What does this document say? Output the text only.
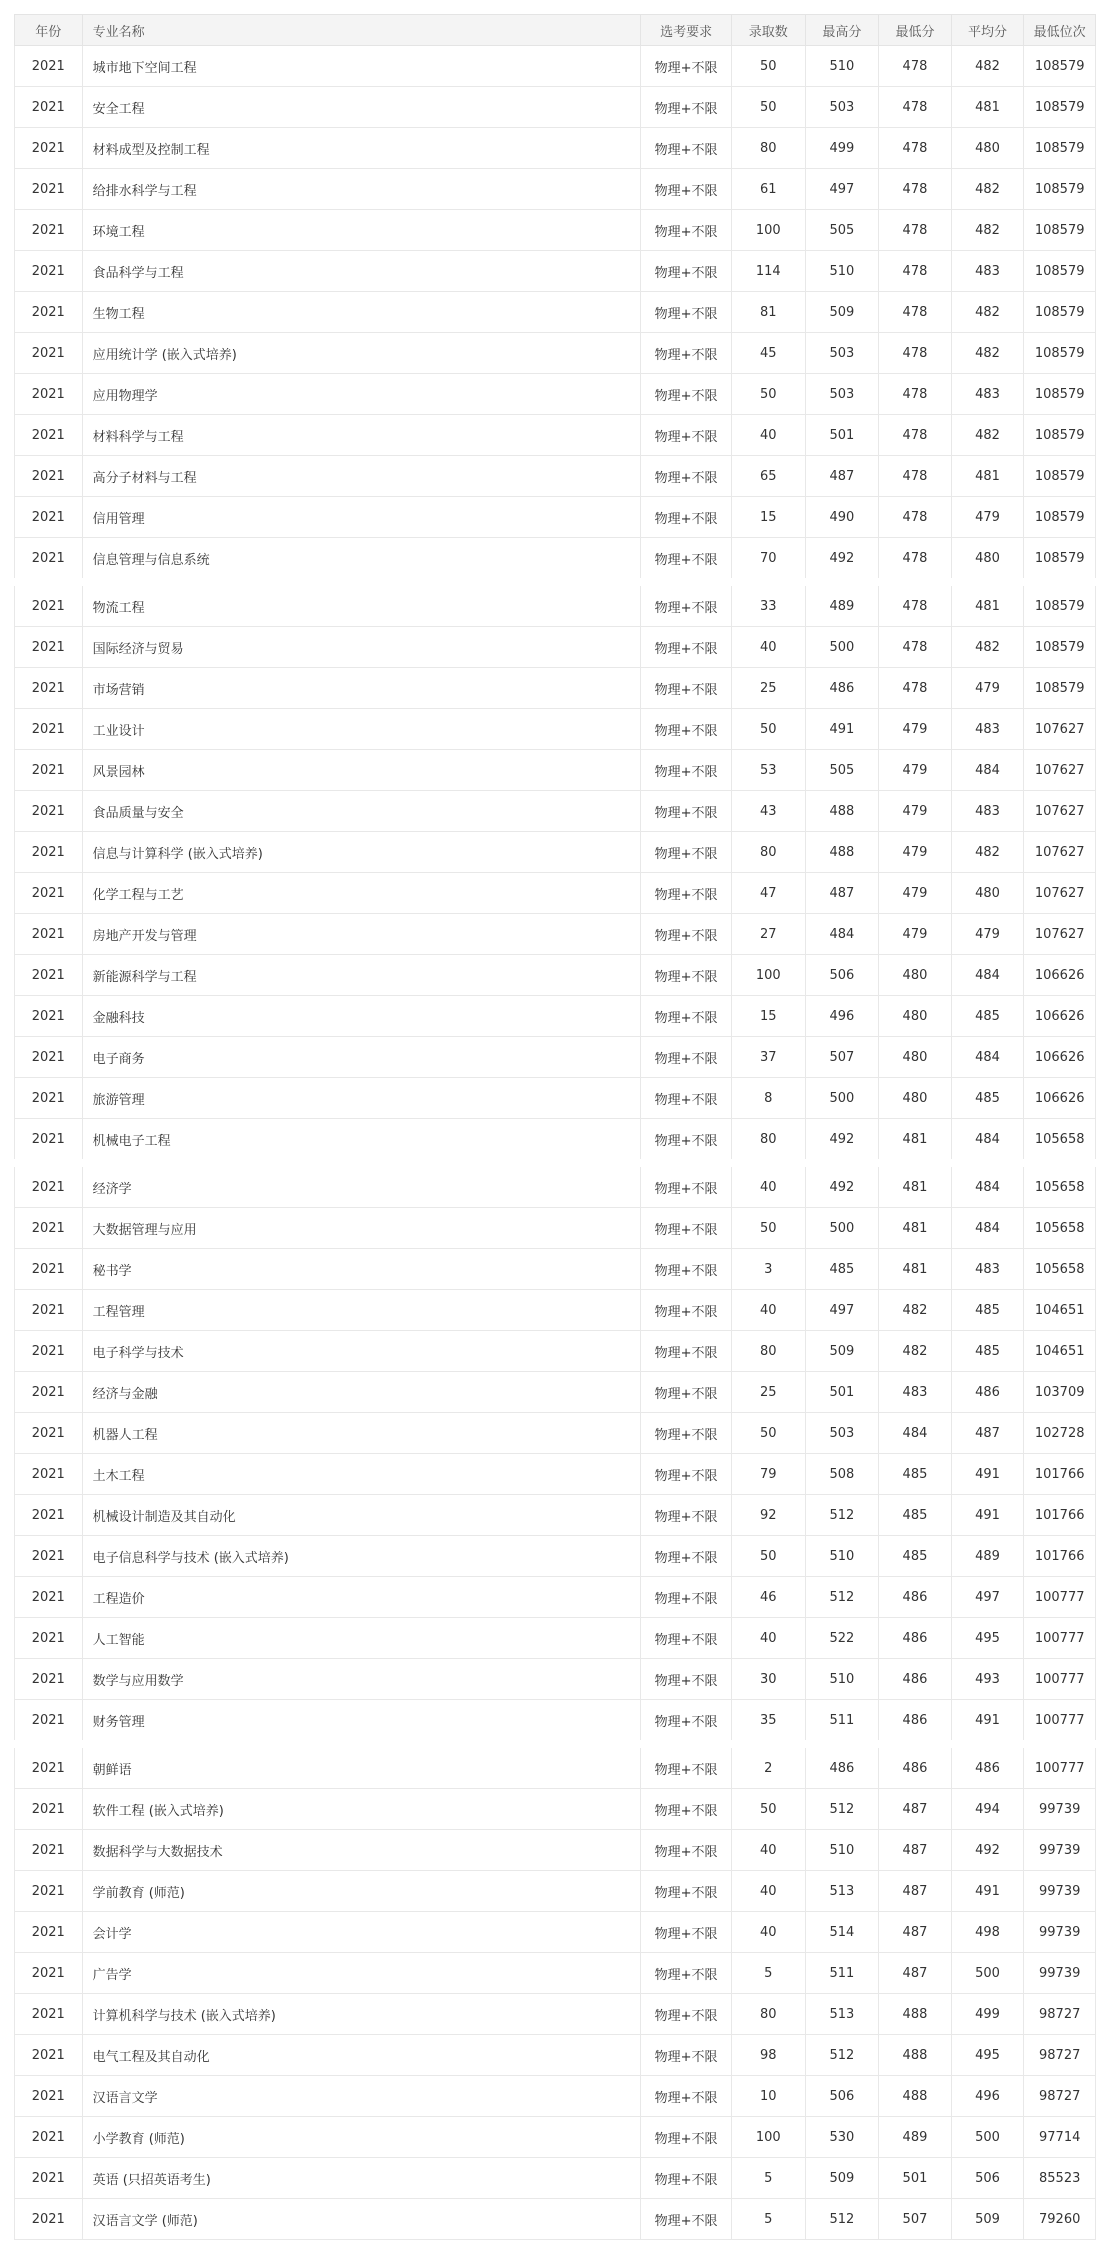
年份	专业名称	选考要求	录取数	最高分	最低分	平均分	最低位次
2021	城市地下空间工程	物理+不限	50	510	478	482	108579
2021	安全工程	物理+不限	50	503	478	481	108579
2021	材料成型及控制工程	物理+不限	80	499	478	480	108579
2021	给排水科学与工程	物理+不限	61	497	478	482	108579
2021	环境工程	物理+不限	100	505	478	482	108579
2021	食品科学与工程	物理+不限	114	510	478	483	108579
2021	生物工程	物理+不限	81	509	478	482	108579
2021	应用统计学 (嵌入式培养)	物理+不限	45	503	478	482	108579
2021	应用物理学	物理+不限	50	503	478	483	108579
2021	材料科学与工程	物理+不限	40	501	478	482	108579
2021	高分子材料与工程	物理+不限	65	487	478	481	108579
2021	信用管理	物理+不限	15	490	478	479	108579
2021	信息管理与信息系统	物理+不限	70	492	478	480	108579
2021	物流工程	物理+不限	33	489	478	481	108579
2021	国际经济与贸易	物理+不限	40	500	478	482	108579
2021	市场营销	物理+不限	25	486	478	479	108579
2021	工业设计	物理+不限	50	491	479	483	107627
2021	风景园林	物理+不限	53	505	479	484	107627
2021	食品质量与安全	物理+不限	43	488	479	483	107627
2021	信息与计算科学 (嵌入式培养)	物理+不限	80	488	479	482	107627
2021	化学工程与工艺	物理+不限	47	487	479	480	107627
2021	房地产开发与管理	物理+不限	27	484	479	479	107627
2021	新能源科学与工程	物理+不限	100	506	480	484	106626
2021	金融科技	物理+不限	15	496	480	485	106626
2021	电子商务	物理+不限	37	507	480	484	106626
2021	旅游管理	物理+不限	8	500	480	485	106626
2021	机械电子工程	物理+不限	80	492	481	484	105658
2021	经济学	物理+不限	40	492	481	484	105658
2021	大数据管理与应用	物理+不限	50	500	481	484	105658
2021	秘书学	物理+不限	3	485	481	483	105658
2021	工程管理	物理+不限	40	497	482	485	104651
2021	电子科学与技术	物理+不限	80	509	482	485	104651
2021	经济与金融	物理+不限	25	501	483	486	103709
2021	机器人工程	物理+不限	50	503	484	487	102728
2021	土木工程	物理+不限	79	508	485	491	101766
2021	机械设计制造及其自动化	物理+不限	92	512	485	491	101766
2021	电子信息科学与技术 (嵌入式培养)	物理+不限	50	510	485	489	101766
2021	工程造价	物理+不限	46	512	486	497	100777
2021	人工智能	物理+不限	40	522	486	495	100777
2021	数学与应用数学	物理+不限	30	510	486	493	100777
2021	财务管理	物理+不限	35	511	486	491	100777
2021	朝鲜语	物理+不限	2	486	486	486	100777
2021	软件工程 (嵌入式培养)	物理+不限	50	512	487	494	99739
2021	数据科学与大数据技术	物理+不限	40	510	487	492	99739
2021	学前教育 (师范)	物理+不限	40	513	487	491	99739
2021	会计学	物理+不限	40	514	487	498	99739
2021	广告学	物理+不限	5	511	487	500	99739
2021	计算机科学与技术 (嵌入式培养)	物理+不限	80	513	488	499	98727
2021	电气工程及其自动化	物理+不限	98	512	488	495	98727
2021	汉语言文学	物理+不限	10	506	488	496	98727
2021	小学教育 (师范)	物理+不限	100	530	489	500	97714
2021	英语 (只招英语考生)	物理+不限	5	509	501	506	85523
2021	汉语言文学 (师范)	物理+不限	5	512	507	509	79260
